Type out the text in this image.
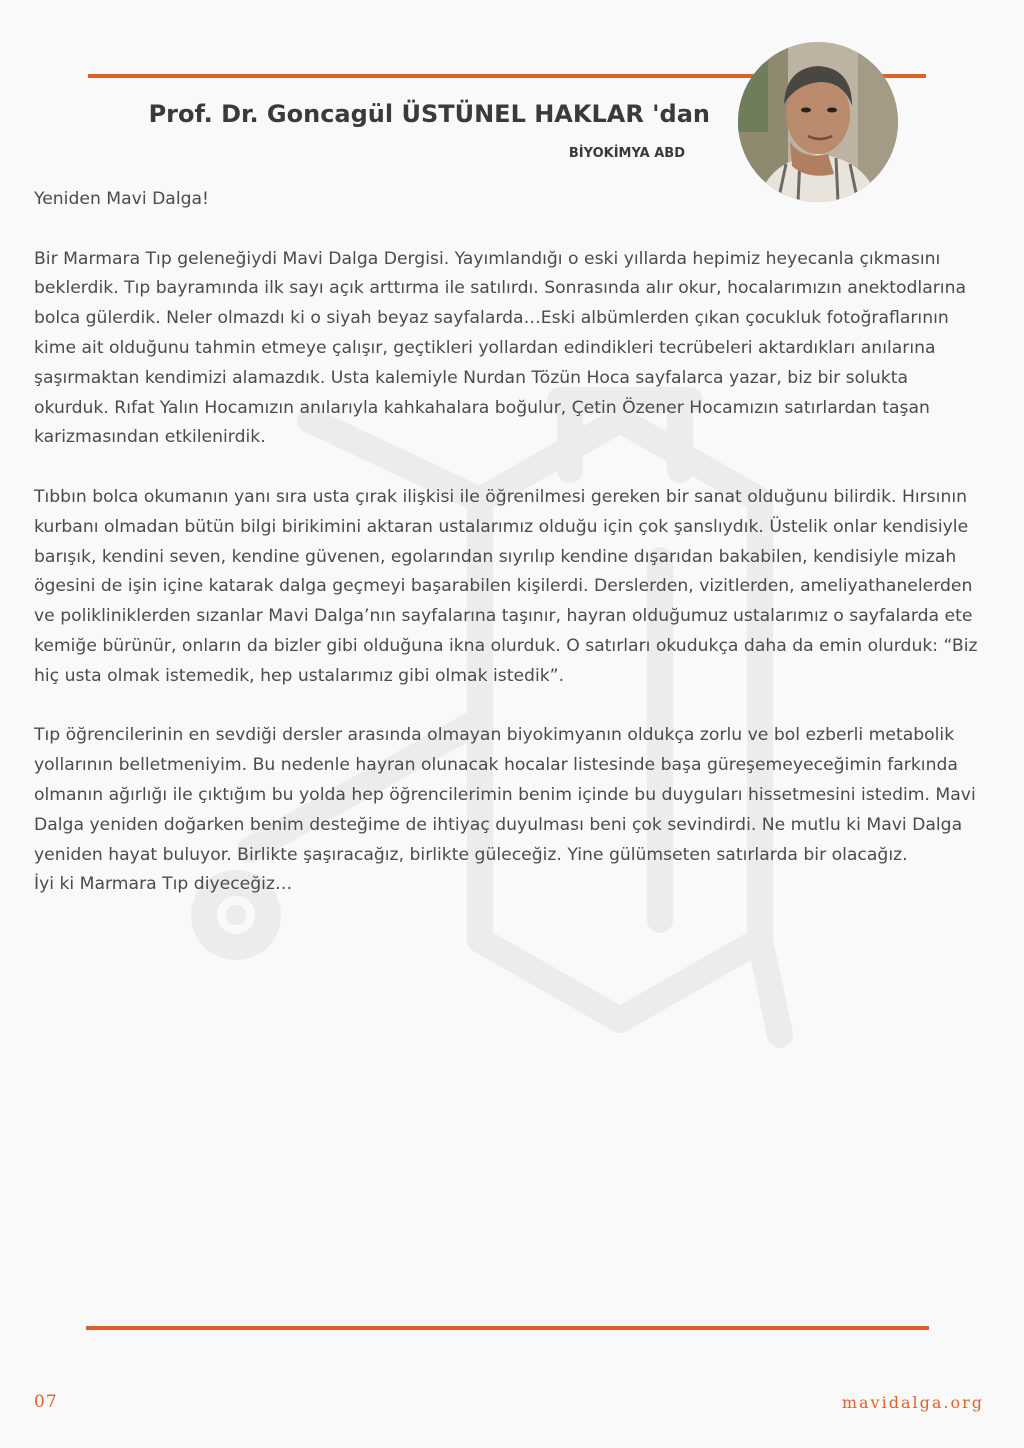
Prof. Dr. Goncagül ÜSTÜNEL HAKLAR 'dan
BİYOKİMYA ABD

Yeniden Mavi Dalga!

Bir Marmara Tıp geleneğiydi Mavi Dalga Dergisi. Yayımlandığı o eski yıllarda hepimiz heyecanla çıkmasını beklerdik. Tıp bayramında ilk sayı açık arttırma ile satılırdı. Sonrasında alır okur, hocalarımızın anektodlarına bolca gülerdik. Neler olmazdı ki o siyah beyaz sayfalarda…Eski albümlerden çıkan çocukluk fotoğraflarının kime ait olduğunu tahmin etmeye çalışır, geçtikleri yollardan edindikleri tecrübeleri aktardıkları anılarına şaşırmaktan kendimizi alamazdık. Usta kalemiyle Nurdan Tözün Hoca sayfalarca yazar, biz bir solukta okurduk. Rıfat Yalın Hocamızın anılarıyla kahkahalara boğulur, Çetin Özener Hocamızın satırlardan taşan karizmasından etkilenirdik.

Tıbbın bolca okumanın yanı sıra usta çırak ilişkisi ile öğrenilmesi gereken bir sanat olduğunu bilirdik. Hırsının kurbanı olmadan bütün bilgi birikimini aktaran ustalarımız olduğu için çok şanslıydık. Üstelik onlar kendisiyle barışık, kendini seven, kendine güvenen, egolarından sıyrılıp kendine dışarıdan bakabilen, kendisiyle mizah ögesini de işin içine katarak dalga geçmeyi başarabilen kişilerdi. Derslerden, vizitlerden, ameliyathanelerden ve polikliniklerden sızanlar Mavi Dalga’nın sayfalarına taşınır, hayran olduğumuz ustalarımız o sayfalarda ete kemiğe bürünür, onların da bizler gibi olduğuna ikna olurduk. O satırları okudukça daha da emin olurduk: “Biz hiç usta olmak istemedik, hep ustalarımız gibi olmak istedik”.

Tıp öğrencilerinin en sevdiği dersler arasında olmayan biyokimyanın oldukça zorlu ve bol ezberli metabolik yollarının belletmeniyim. Bu nedenle hayran olunacak hocalar listesinde başa güreşemeyeceğimin farkında olmanın ağırlığı ile çıktığım bu yolda hep öğrencilerimin benim içinde bu duyguları hissetmesini istedim. Mavi Dalga yeniden doğarken benim desteğime de ihtiyaç duyulması beni çok sevindirdi. Ne mutlu ki Mavi Dalga yeniden hayat buluyor. Birlikte şaşıracağız, birlikte güleceğiz. Yine gülümseten satırlarda bir olacağız.

İyi ki Marmara Tıp diyeceğiz…

07	mavidalga.org
